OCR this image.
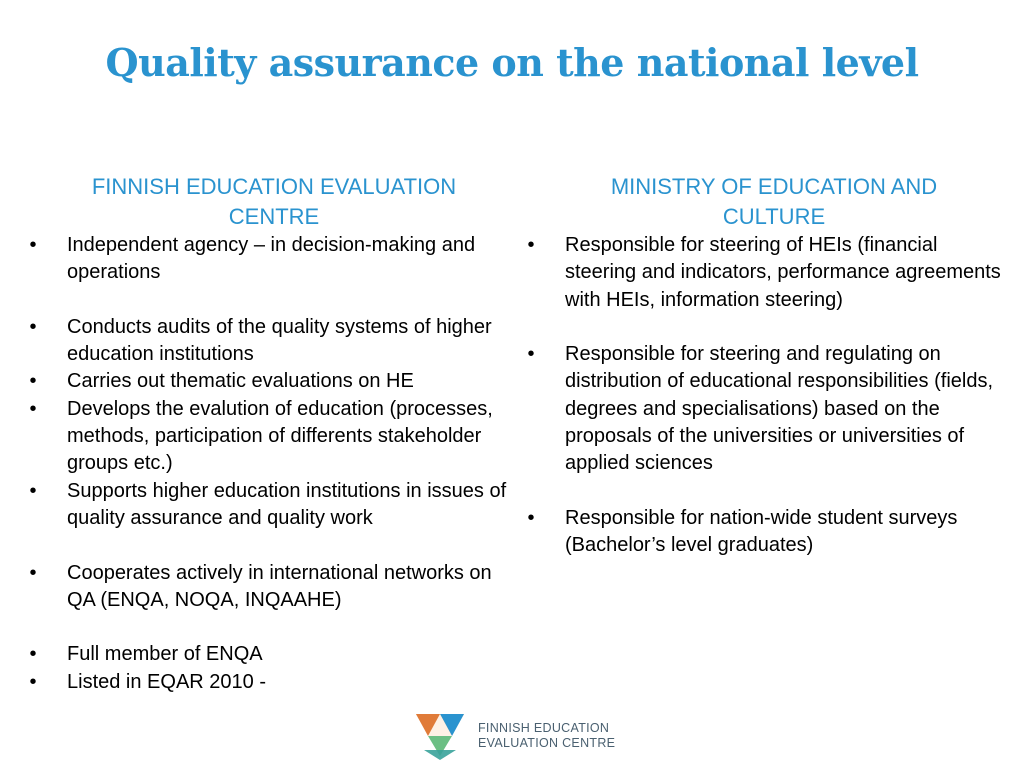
Quality assurance on the national level
FINNISH EDUCATION EVALUATION
CENTRE
• Independent agency – in decision-making and operations
• Conducts audits of the quality systems of higher education institutions
• Carries out thematic evaluations on HE
• Develops the evalution of education (processes, methods, participation of differents stakeholder groups etc.)
• Supports higher education institutions in issues of quality assurance and quality work
• Cooperates actively in international networks on QA (ENQA, NOQA, INQAAHE)
• Full member of ENQA
• Listed in EQAR 2010 -
MINISTRY OF EDUCATION AND
CULTURE
• Responsible for steering of HEIs (financial steering and indicators, performance agreements with HEIs, information steering)
• Responsible for steering and regulating on distribution of educational responsibilities (fields, degrees and specialisations) based on the proposals of the universities or universities of applied sciences
• Responsible for nation-wide student surveys (Bachelor’s level graduates)
FINNISH EDUCATION
EVALUATION CENTRE
